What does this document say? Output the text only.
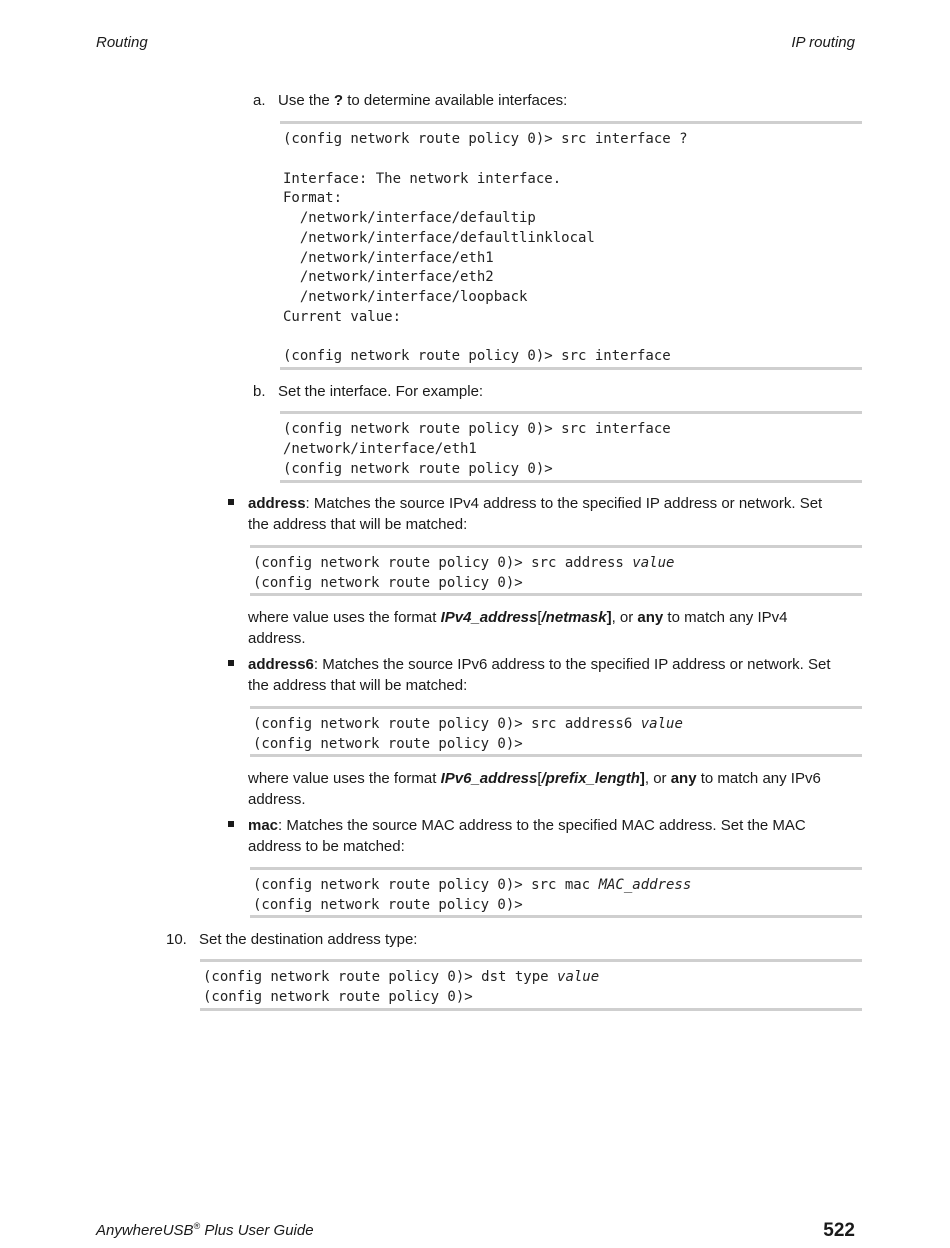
Routing	IP routing
a. Use the ? to determine available interfaces:
(config network route policy 0)> src interface ?

Interface: The network interface.
Format:
/network/interface/defaultip
/network/interface/defaultlinklocal
/network/interface/eth1
/network/interface/eth2
/network/interface/loopback
Current value:

(config network route policy 0)> src interface
b. Set the interface. For example:
(config network route policy 0)> src interface
/network/interface/eth1
(config network route policy 0)>
address: Matches the source IPv4 address to the specified IP address or network. Set
the address that will be matched:
(config network route policy 0)> src address value
(config network route policy 0)>
where value uses the format IPv4_address[/netmask], or any to match any IPv4
address.
address6: Matches the source IPv6 address to the specified IP address or network. Set
the address that will be matched:
(config network route policy 0)> src address6 value
(config network route policy 0)>
where value uses the format IPv6_address[/prefix_length], or any to match any IPv6
address.
mac: Matches the source MAC address to the specified MAC address. Set the MAC
address to be matched:
(config network route policy 0)> src mac MAC_address
(config network route policy 0)>
10. Set the destination address type:
(config network route policy 0)> dst type value
(config network route policy 0)>
AnywhereUSB® Plus User Guide	522
